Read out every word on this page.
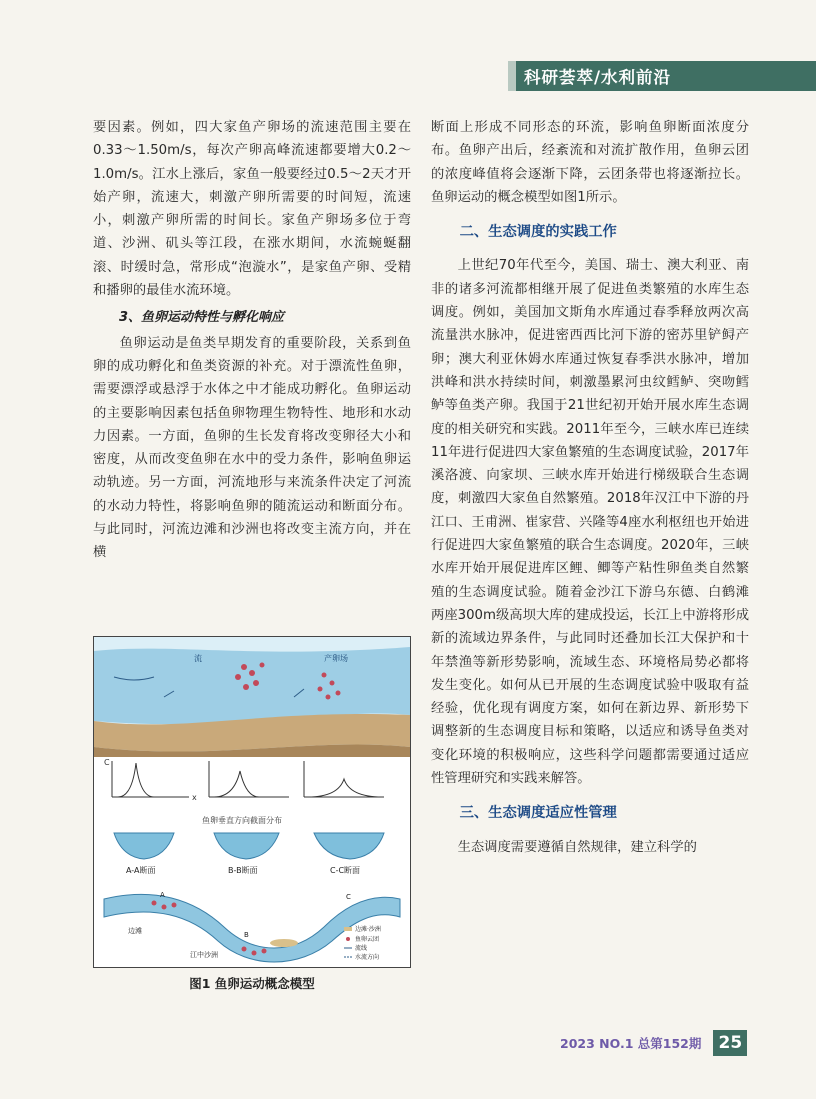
科研荟萃/水利前沿

要因素。例如，四大家鱼产卵场的流速范围主要在0.33～1.50m/s，每次产卵高峰流速都要增大0.2～1.0m/s。江水上涨后，家鱼一般要经过0.5～2天才开始产卵，流速大，刺激产卵所需要的时间短，流速小，刺激产卵所需的时间长。家鱼产卵场多位于弯道、沙洲、矶头等江段，在涨水期间，水流蜿蜒翻滚、时缓时急，常形成“泡漩水”，是家鱼产卵、受精和播卵的最佳水流环境。

3、鱼卵运动特性与孵化响应

鱼卵运动是鱼类早期发育的重要阶段，关系到鱼卵的成功孵化和鱼类资源的补充。对于漂流性鱼卵，需要漂浮或悬浮于水体之中才能成功孵化。鱼卵运动的主要影响因素包括鱼卵物理生物特性、地形和水动力因素。一方面，鱼卵的生长发育将改变卵径大小和密度，从而改变鱼卵在水中的受力条件，影响鱼卵运动轨迹。另一方面，河流地形与来流条件决定了河流的水动力特性，将影响鱼卵的随流运动和断面分布。与此同时，河流边滩和沙洲也将改变主流方向，并在横

断面上形成不同形态的环流，影响鱼卵断面浓度分布。鱼卵产出后，经紊流和对流扩散作用，鱼卵云团的浓度峰值将会逐渐下降，云团条带也将逐渐拉长。鱼卵运动的概念模型如图1所示。

二、生态调度的实践工作

上世纪70年代至今，美国、瑞士、澳大利亚、南非的诸多河流都相继开展了促进鱼类繁殖的水库生态调度。例如，美国加文斯角水库通过春季释放两次高流量洪水脉冲，促进密西西比河下游的密苏里铲鲟产卵；澳大利亚休姆水库通过恢复春季洪水脉冲，增加洪峰和洪水持续时间，刺激墨累河虫纹鳕鲈、突吻鳕鲈等鱼类产卵。我国于21世纪初开始开展水库生态调度的相关研究和实践。2011年至今，三峡水库已连续11年进行促进四大家鱼繁殖的生态调度试验，2017年溪洛渡、向家坝、三峡水库开始进行梯级联合生态调度，刺激四大家鱼自然繁殖。2018年汉江中下游的丹江口、王甫洲、崔家营、兴隆等4座水利枢纽也开始进行促进四大家鱼繁殖的联合生态调度。2020年，三峡水库开始开展促进库区鲤、鲫等产粘性卵鱼类自然繁殖的生态调度试验。随着金沙江下游乌东德、白鹤滩两座300m级高坝大库的建成投运，长江上中游将形成新的流域边界条件，与此同时还叠加长江大保护和十年禁渔等新形势影响，流域生态、环境格局势必都将发生变化。如何从已开展的生态调度试验中吸取有益经验，优化现有调度方案，如何在新边界、新形势下调整新的生态调度目标和策略，以适应和诱导鱼类对变化环境的积极响应，这些科学问题都需要通过适应性管理研究和实践来解答。

三、生态调度适应性管理

生态调度需要遵循自然规律，建立科学的

流	产卵场
C
x
鱼卵垂直方向截面分布
A-A断面	B-B断面	C-C断面
A
B
C
边滩
江中沙洲
边滩·沙洲
鱼卵云团
流线
水流方向
图1 鱼卵运动概念模型
2023 NO.1 总第152期	25
